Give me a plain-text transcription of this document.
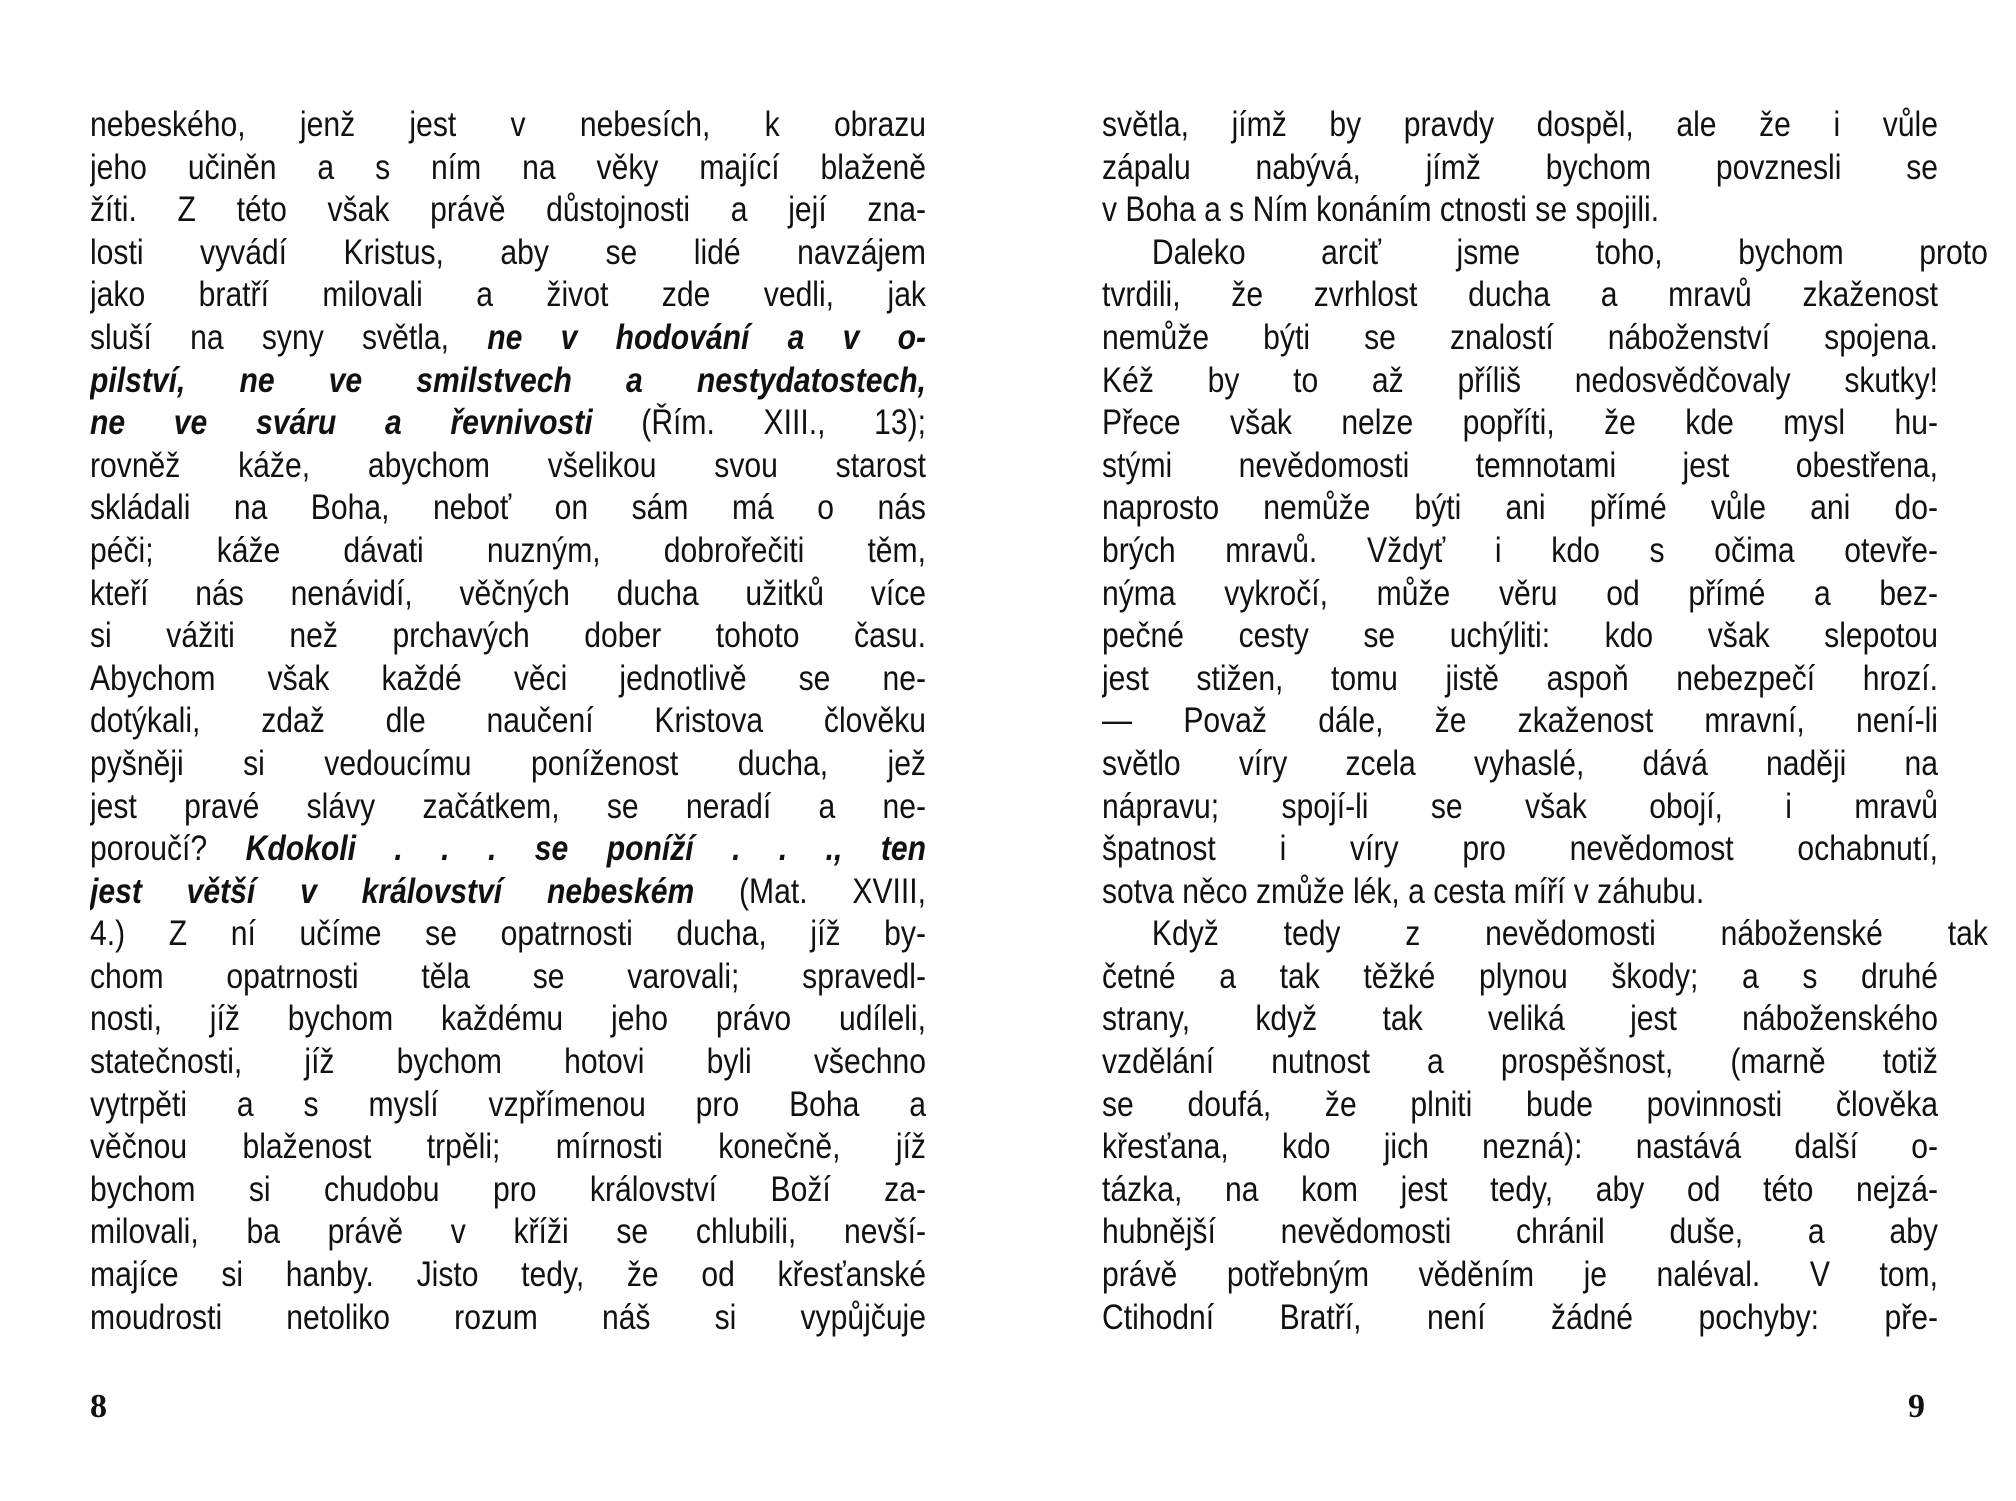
nebeského, jenž jest v nebesích, k obrazu
jeho učiněn a s ním na věky mající blaženě
žíti. Z této však právě důstojnosti a její zna-
losti vyvádí Kristus, aby se lidé navzájem
jako bratří milovali a život zde vedli, jak
sluší na syny světla, ne v hodování a v o-
pilství, ne ve smilstvech a nestydatostech,
ne ve sváru a řevnivosti (Řím. XIII., 13);
rovněž káže, abychom všelikou svou starost
skládali na Boha, neboť on sám má o nás
péči; káže dávati nuzným, dobrořečiti těm,
kteří nás nenávidí, věčných ducha užitků více
si vážiti než prchavých dober tohoto času.
Abychom však každé věci jednotlivě se ne-
dotýkali, zdaž dle naučení Kristova člověku
pyšněji si vedoucímu poníženost ducha, jež
jest pravé slávy začátkem, se neradí a ne-
poroučí? Kdokoli . . . se poníží . . ., ten
jest větší v království nebeském (Mat. XVIII,
4.) Z ní učíme se opatrnosti ducha, jíž by-
chom opatrnosti těla se varovali; spravedl-
nosti, jíž bychom každému jeho právo udíleli,
statečnosti, jíž bychom hotovi byli všechno
vytrpěti a s myslí vzpřímenou pro Boha a
věčnou blaženost trpěli; mírnosti konečně, jíž
bychom si chudobu pro království Boží za-
milovali, ba právě v kříži se chlubili, nevší-
majíce si hanby. Jisto tedy, že od křesťanské
moudrosti netoliko rozum náš si vypůjčuje
8
světla, jímž by pravdy dospěl, ale že i vůle
zápalu nabývá, jímž bychom povznesli se
v Boha a s Ním konáním ctnosti se spojili.
Daleko arciť jsme toho, bychom proto
tvrdili, že zvrhlost ducha a mravů zkaženost
nemůže býti se znalostí náboženství spojena.
Kéž by to až příliš nedosvědčovaly skutky!
Přece však nelze popříti, že kde mysl hu-
stými nevědomosti temnotami jest obestřena,
naprosto nemůže býti ani přímé vůle ani do-
brých mravů. Vždyť i kdo s očima otevře-
nýma vykročí, může věru od přímé a bez-
pečné cesty se uchýliti: kdo však slepotou
jest stižen, tomu jistě aspoň nebezpečí hrozí.
— Považ dále, že zkaženost mravní, není-li
světlo víry zcela vyhaslé, dává naději na
nápravu; spojí-li se však obojí, i mravů
špatnost i víry pro nevědomost ochabnutí,
sotva něco zmůže lék, a cesta míří v záhubu.
Když tedy z nevědomosti náboženské tak
četné a tak těžké plynou škody; a s druhé
strany, když tak veliká jest náboženského
vzdělání nutnost a prospěšnost, (marně totiž
se doufá, že plniti bude povinnosti člověka
křesťana, kdo jich nezná): nastává další o-
tázka, na kom jest tedy, aby od této nejzá-
hubnější nevědomosti chránil duše, a aby
právě potřebným věděním je naléval. V tom,
Ctihodní Bratří, není žádné pochyby: pře-
9
